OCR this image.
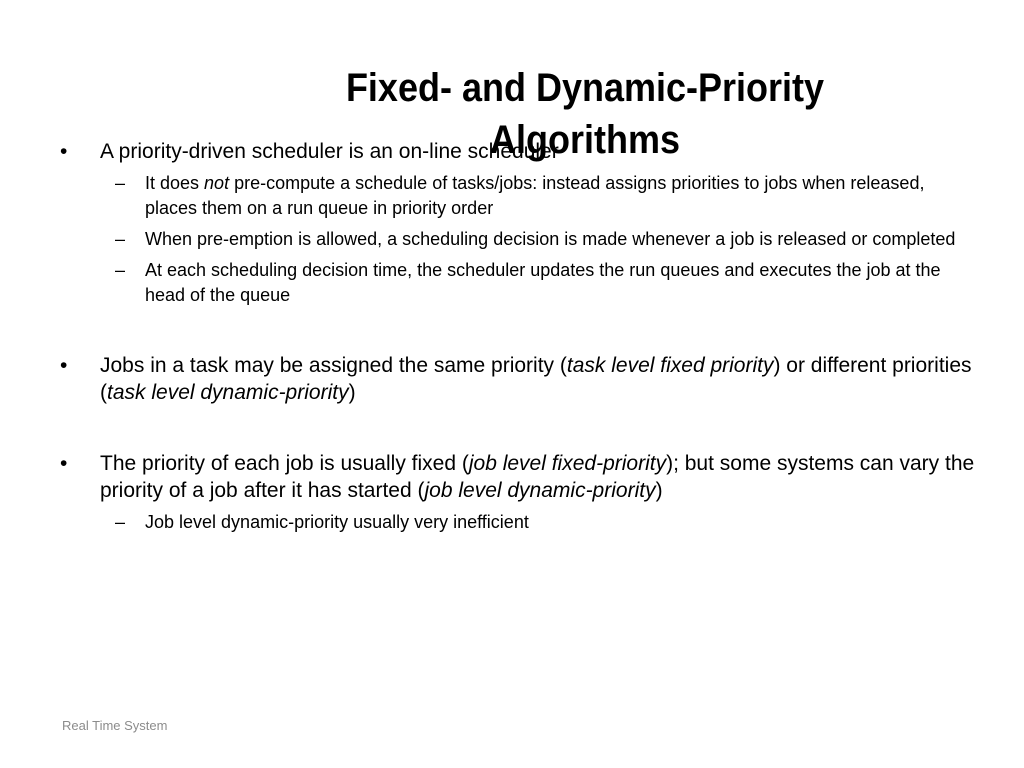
Fixed- and Dynamic-Priority Algorithms
•	A priority-driven scheduler is an on-line scheduler
– It does not pre-compute a schedule of tasks/jobs: instead assigns priorities to jobs when released, places them on a run queue in priority order
– When pre-emption is allowed, a scheduling decision is made whenever a job is released or completed
– At each scheduling decision time, the scheduler updates the run queues and executes the job at the head of the queue
•	Jobs in a task may be assigned the same priority (task level fixed priority) or different priorities (task level dynamic-priority)
•	The priority of each job is usually fixed (job level fixed-priority); but some systems can vary the priority of a job after it has started (job level dynamic-priority)
– Job level dynamic-priority usually very inefficient
Real Time System
